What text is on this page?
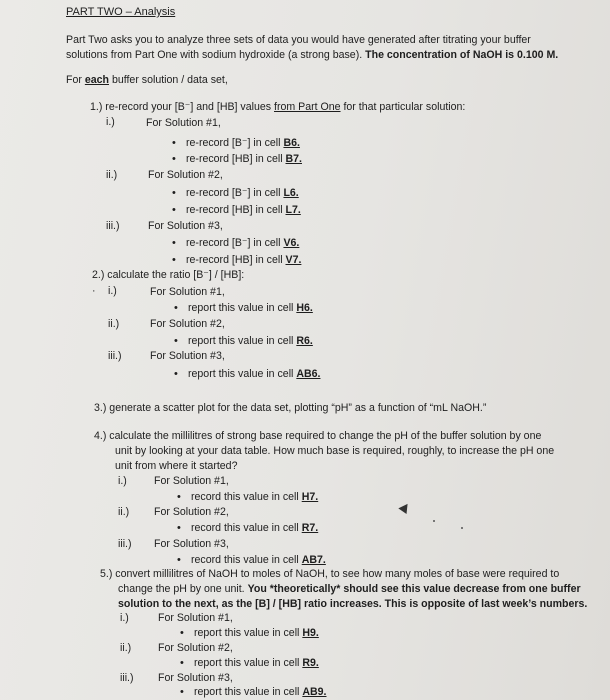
PART TWO – Analysis
Part Two asks you to analyze three sets of data you would have generated after titrating your buffer
solutions from Part One with sodium hydroxide (a strong base). The concentration of NaOH is 0.100 M.
For each buffer solution / data set,
1.) re-record your [B⁻] and [HB] values from Part One for that particular solution:
i.)	For Solution #1,
• re-record [B⁻] in cell B6.
• re-record [HB] in cell B7.
ii.)	For Solution #2,
• re-record [B⁻] in cell L6.
• re-record [HB] in cell L7.
iii.)	For Solution #3,
• re-record [B⁻] in cell V6.
• re-record [HB] in cell V7.
2.) calculate the ratio [B⁻] / [HB]:
· i.)	For Solution #1,
• report this value in cell H6.
ii.)	For Solution #2,
• report this value in cell R6.
iii.)	For Solution #3,
• report this value in cell AB6.
3.) generate a scatter plot for the data set, plotting “pH” as a function of “mL NaOH.”
4.) calculate the millilitres of strong base required to change the pH of the buffer solution by one
unit by looking at your data table. How much base is required, roughly, to increase the pH one
unit from where it started?
i.)	For Solution #1,
• record this value in cell H7.
ii.) For Solution #2,
• record this value in cell R7.
iii.) For Solution #3,
• record this value in cell AB7.
5.) convert millilitres of NaOH to moles of NaOH, to see how many moles of base were required to
change the pH by one unit. You *theoretically* should see this value decrease from one buffer
solution to the next, as the [B] / [HB] ratio increases. This is opposite of last week’s numbers.
i.)	For Solution #1,
• report this value in cell H9.
ii.)	For Solution #2,
• report this value in cell R9.
iii.) For Solution #3,
• report this value in cell AB9.
